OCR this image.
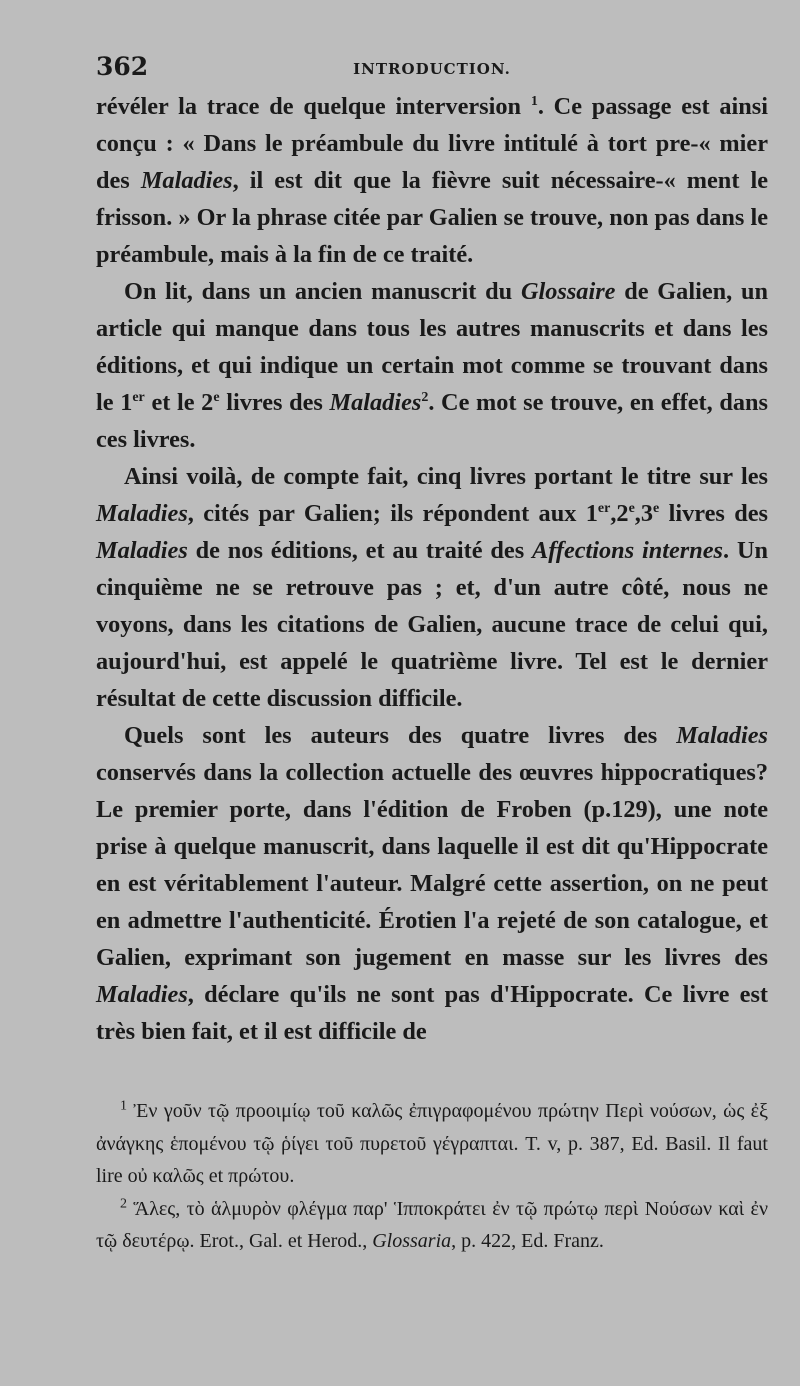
362	INTRODUCTION.

révéler la trace de quelque interversion $^1$. Ce passage est ainsi conçu : « Dans le préambule du livre intitulé à tort pre-« mier des Maladies, il est dit que la fièvre suit nécessaire-« ment le frisson. » Or la phrase citée par Galien se trouve, non pas dans le préambule, mais à la fin de ce traité.

On lit, dans un ancien manuscrit du Glossaire de Galien, un article qui manque dans tous les autres manuscrits et dans les éditions, et qui indique un certain mot comme se trouvant dans le 1er et le 2e livres des Maladies$^2$. Ce mot se trouve, en effet, dans ces livres.

Ainsi voilà, de compte fait, cinq livres portant le titre sur les Maladies, cités par Galien; ils répondent aux 1er,2e,3e livres des Maladies de nos éditions, et au traité des Affections internes. Un cinquième ne se retrouve pas ; et, d'un autre côté, nous ne voyons, dans les citations de Galien, aucune trace de celui qui, aujourd'hui, est appelé le quatrième livre. Tel est le dernier résultat de cette discussion difficile.

Quels sont les auteurs des quatre livres des Maladies conservés dans la collection actuelle des œuvres hippocratiques? Le premier porte, dans l'édition de Froben (p.129), une note prise à quelque manuscrit, dans laquelle il est dit qu'Hippocrate en est véritablement l'auteur. Malgré cette assertion, on ne peut en admettre l'authenticité. Érotien l'a rejeté de son catalogue, et Galien, exprimant son jugement en masse sur les livres des Maladies, déclare qu'ils ne sont pas d'Hippocrate. Ce livre est très bien fait, et il est difficile de

$^1$ Ἐν γοῦν τῷ προοιμίῳ τοῦ καλῶς ἐπιγραφομένου πρώτην Περὶ νούσων, ὡς ἐξ ἀνάγκης ἑπομένου τῷ ῥίγει τοῦ πυρετοῦ γέγραπται. T. v, p. 387, Ed. Basil. Il faut lire οὐ καλῶς et πρώτου.

$^2$ Ἅλες, τὸ ἁλμυρὸν φλέγμα παρ' Ἱπποκράτει ἐν τῷ πρώτῳ περὶ Νούσων καὶ ἐν τῷ δευτέρῳ. Erot., Gal. et Herod., Glossaria, p. 422, Ed. Franz.
